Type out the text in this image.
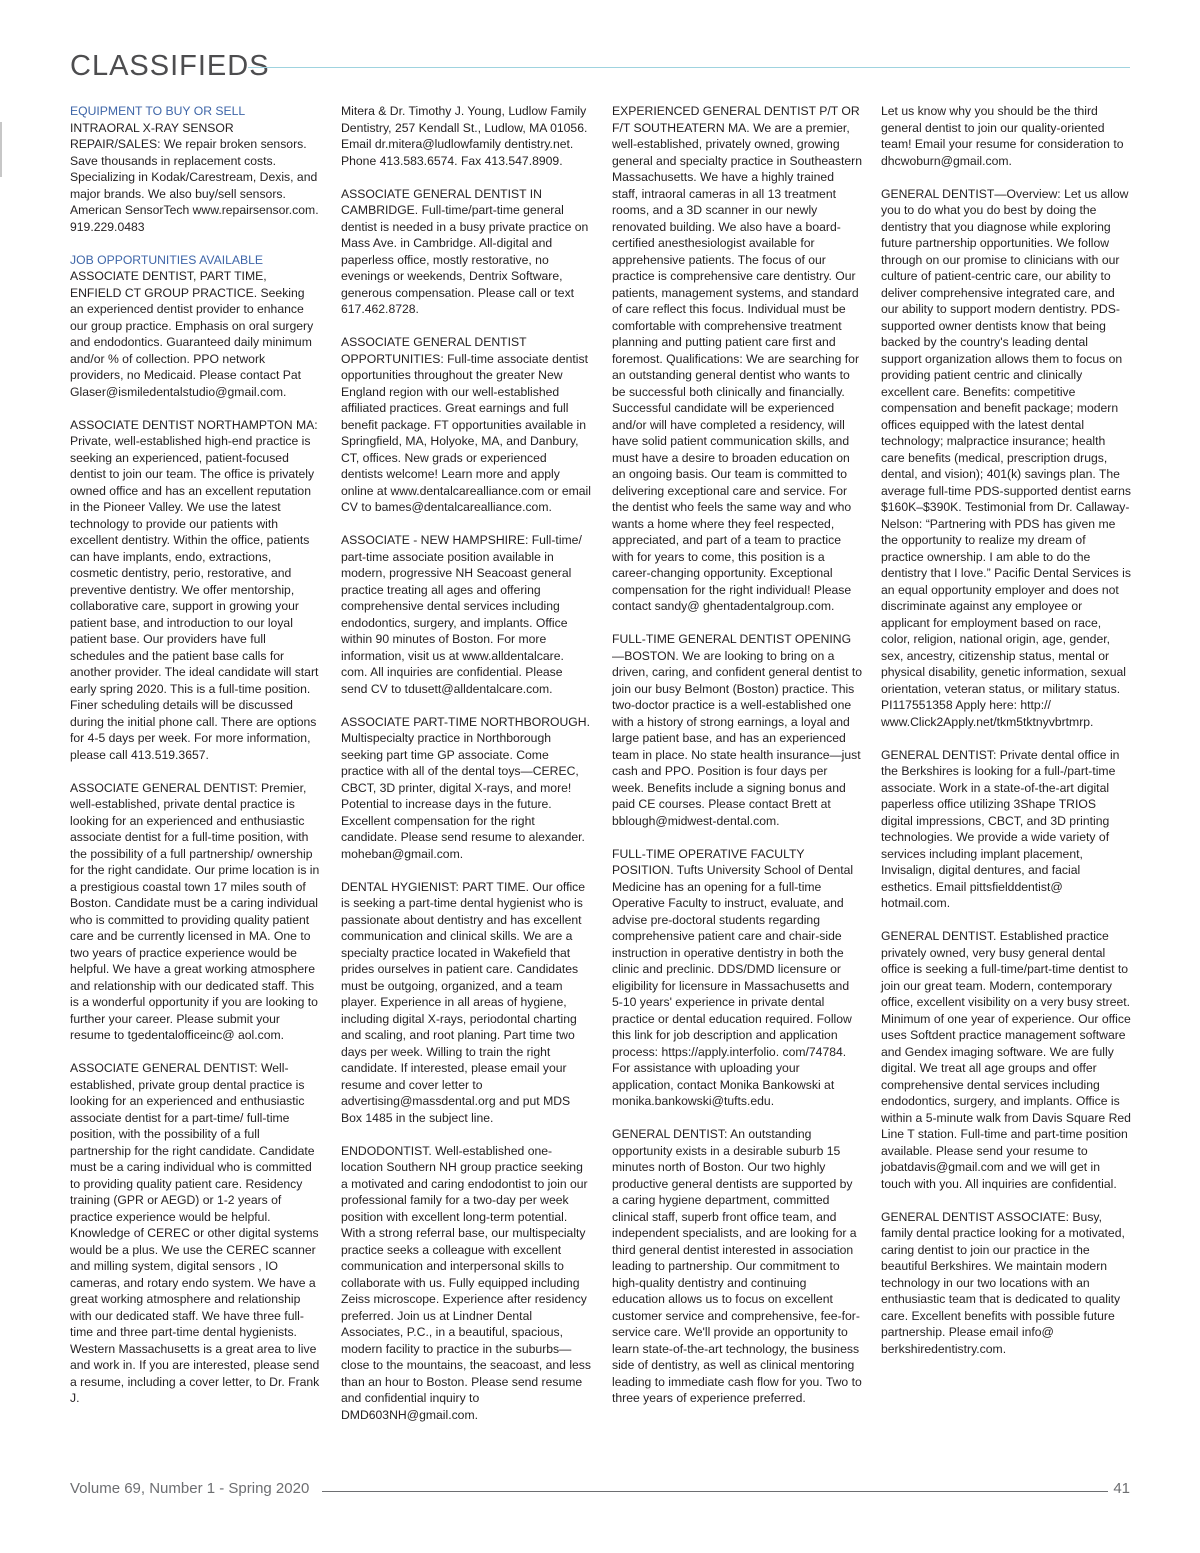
CLASSIFIEDS
EQUIPMENT TO BUY OR SELL
INTRAORAL X-RAY SENSOR REPAIR/SALES: We repair broken sensors. Save thousands in replacement costs. Specializing in Kodak/Carestream, Dexis, and major brands. We also buy/sell sensors. American SensorTech www.repairsensor.com. 919.229.0483
JOB OPPORTUNITIES AVAILABLE
ASSOCIATE DENTIST, PART TIME, ENFIELD CT GROUP PRACTICE. Seeking an experienced dentist provider to enhance our group practice. Emphasis on oral surgery and endodontics. Guaranteed daily minimum and/or % of collection. PPO network providers, no Medicaid. Please contact Pat Glaser@ismiledentalstudio@gmail.com.
ASSOCIATE DENTIST NORTHAMPTON MA: Private, well-established high-end practice is seeking an experienced, patient-focused dentist to join our team. The office is privately owned office and has an excellent reputation in the Pioneer Valley. We use the latest technology to provide our patients with excellent dentistry. Within the office, patients can have implants, endo, extractions, cosmetic dentistry, perio, restorative, and preventive dentistry. We offer mentorship, collaborative care, support in growing your patient base, and introduction to our loyal patient base. Our providers have full schedules and the patient base calls for another provider. The ideal candidate will start early spring 2020. This is a full-time position. Finer scheduling details will be discussed during the initial phone call. There are options for 4-5 days per week. For more information, please call 413.519.3657.
ASSOCIATE GENERAL DENTIST: Premier, well-established, private dental practice is looking for an experienced and enthusiastic associate dentist for a full-time position, with the possibility of a full partnership/ ownership for the right candidate. Our prime location is in a prestigious coastal town 17 miles south of Boston. Candidate must be a caring individual who is committed to providing quality patient care and be currently licensed in MA. One to two years of practice experience would be helpful. We have a great working atmosphere and relationship with our dedicated staff. This is a wonderful opportunity if you are looking to further your career. Please submit your resume to tgedentalofficeinc@ aol.com.
ASSOCIATE GENERAL DENTIST: Well-established, private group dental practice is looking for an experienced and enthusiastic associate dentist for a part-time/ full-time position, with the possibility of a full partnership for the right candidate. Candidate must be a caring individual who is committed to providing quality patient care. Residency training (GPR or AEGD) or 1-2 years of practice experience would be helpful. Knowledge of CEREC or other digital systems would be a plus. We use the CEREC scanner and milling system, digital sensors , IO cameras, and rotary endo system. We have a great working atmosphere and relationship with our dedicated staff. We have three full-time and three part-time dental hygienists. Western Massachusetts is a great area to live and work in. If you are interested, please send a resume, including a cover letter, to Dr. Frank J.
Mitera & Dr. Timothy J. Young, Ludlow Family Dentistry, 257 Kendall St., Ludlow, MA 01056. Email dr.mitera@ludlowfamily dentistry.net. Phone 413.583.6574. Fax 413.547.8909.
ASSOCIATE GENERAL DENTIST IN CAMBRIDGE. Full-time/part-time general dentist is needed in a busy private practice on Mass Ave. in Cambridge. All-digital and paperless office, mostly restorative, no evenings or weekends, Dentrix Software, generous compensation. Please call or text 617.462.8728.
ASSOCIATE GENERAL DENTIST OPPORTUNITIES: Full-time associate dentist opportunities throughout the greater New England region with our well-established affiliated practices. Great earnings and full benefit package. FT opportunities available in Springfield, MA, Holyoke, MA, and Danbury, CT, offices. New grads or experienced dentists welcome! Learn more and apply online at www.dentalcarealliance.com or email CV to bames@dentalcarealliance.com.
ASSOCIATE - NEW HAMPSHIRE: Full-time/ part-time associate position available in modern, progressive NH Seacoast general practice treating all ages and offering comprehensive dental services including endodontics, surgery, and implants. Office within 90 minutes of Boston. For more information, visit us at www.alldentalcare. com. All inquiries are confidential. Please send CV to tdusett@alldentalcare.com.
ASSOCIATE PART-TIME NORTHBOROUGH. Multispecialty practice in Northborough seeking part time GP associate. Come practice with all of the dental toys—CEREC, CBCT, 3D printer, digital X-rays, and more! Potential to increase days in the future. Excellent compensation for the right candidate. Please send resume to alexander. moheban@gmail.com.
DENTAL HYGIENIST: PART TIME. Our office is seeking a part-time dental hygienist who is passionate about dentistry and has excellent communication and clinical skills. We are a specialty practice located in Wakefield that prides ourselves in patient care. Candidates must be outgoing, organized, and a team player. Experience in all areas of hygiene, including digital X-rays, periodontal charting and scaling, and root planing. Part time two days per week. Willing to train the right candidate. If interested, please email your resume and cover letter to advertising@massdental.org and put MDS Box 1485 in the subject line.
ENDODONTIST. Well-established one-location Southern NH group practice seeking a motivated and caring endodontist to join our professional family for a two-day per week position with excellent long-term potential. With a strong referral base, our multispecialty practice seeks a colleague with excellent communication and interpersonal skills to collaborate with us. Fully equipped including Zeiss microscope. Experience after residency preferred. Join us at Lindner Dental Associates, P.C., in a beautiful, spacious, modern facility to practice in the suburbs—close to the mountains, the seacoast, and less than an hour to Boston. Please send resume and confidential inquiry to DMD603NH@gmail.com.
EXPERIENCED GENERAL DENTIST P/T OR F/T SOUTHEATERN MA. We are a premier, well-established, privately owned, growing general and specialty practice in Southeastern Massachusetts. We have a highly trained staff, intraoral cameras in all 13 treatment rooms, and a 3D scanner in our newly renovated building. We also have a board-certified anesthesiologist available for apprehensive patients. The focus of our practice is comprehensive care dentistry. Our patients, management systems, and standard of care reflect this focus. Individual must be comfortable with comprehensive treatment planning and putting patient care first and foremost. Qualifications: We are searching for an outstanding general dentist who wants to be successful both clinically and financially. Successful candidate will be experienced and/or will have completed a residency, will have solid patient communication skills, and must have a desire to broaden education on an ongoing basis. Our team is committed to delivering exceptional care and service. For the dentist who feels the same way and who wants a home where they feel respected, appreciated, and part of a team to practice with for years to come, this position is a career-changing opportunity. Exceptional compensation for the right individual! Please contact sandy@ ghentadentalgroup.com.
FULL-TIME GENERAL DENTIST OPENING —BOSTON. We are looking to bring on a driven, caring, and confident general dentist to join our busy Belmont (Boston) practice. This two-doctor practice is a well-established one with a history of strong earnings, a loyal and large patient base, and has an experienced team in place. No state health insurance—just cash and PPO. Position is four days per week. Benefits include a signing bonus and paid CE courses. Please contact Brett at bblough@midwest-dental.com.
FULL-TIME OPERATIVE FACULTY POSITION. Tufts University School of Dental Medicine has an opening for a full-time Operative Faculty to instruct, evaluate, and advise pre-doctoral students regarding comprehensive patient care and chair-side instruction in operative dentistry in both the clinic and preclinic. DDS/DMD licensure or eligibility for licensure in Massachusetts and 5-10 years' experience in private dental practice or dental education required. Follow this link for job description and application process: https://apply.interfolio. com/74784. For assistance with uploading your application, contact Monika Bankowski at monika.bankowski@tufts.edu.
GENERAL DENTIST: An outstanding opportunity exists in a desirable suburb 15 minutes north of Boston. Our two highly productive general dentists are supported by a caring hygiene department, committed clinical staff, superb front office team, and independent specialists, and are looking for a third general dentist interested in association leading to partnership. Our commitment to high-quality dentistry and continuing education allows us to focus on excellent customer service and comprehensive, fee-for-service care. We'll provide an opportunity to learn state-of-the-art technology, the business side of dentistry, as well as clinical mentoring leading to immediate cash flow for you. Two to three years of experience preferred.
Let us know why you should be the third general dentist to join our quality-oriented team! Email your resume for consideration to dhcwoburn@gmail.com.
GENERAL DENTIST—Overview: Let us allow you to do what you do best by doing the dentistry that you diagnose while exploring future partnership opportunities. We follow through on our promise to clinicians with our culture of patient-centric care, our ability to deliver comprehensive integrated care, and our ability to support modern dentistry. PDS-supported owner dentists know that being backed by the country's leading dental support organization allows them to focus on providing patient centric and clinically excellent care. Benefits: competitive compensation and benefit package; modern offices equipped with the latest dental technology; malpractice insurance; health care benefits (medical, prescription drugs, dental, and vision); 401(k) savings plan. The average full-time PDS-supported dentist earns $160K–$390K. Testimonial from Dr. Callaway-Nelson: “Partnering with PDS has given me the opportunity to realize my dream of practice ownership. I am able to do the dentistry that I love.” Pacific Dental Services is an equal opportunity employer and does not discriminate against any employee or applicant for employment based on race, color, religion, national origin, age, gender, sex, ancestry, citizenship status, mental or physical disability, genetic information, sexual orientation, veteran status, or military status. PI117551358 Apply here: http:// www.Click2Apply.net/tkm5tktnyvbrtmrp.
GENERAL DENTIST: Private dental office in the Berkshires is looking for a full-/part-time associate. Work in a state-of-the-art digital paperless office utilizing 3Shape TRIOS digital impressions, CBCT, and 3D printing technologies. We provide a wide variety of services including implant placement, Invisalign, digital dentures, and facial esthetics. Email pittsfielddentist@ hotmail.com.
GENERAL DENTIST. Established practice privately owned, very busy general dental office is seeking a full-time/part-time dentist to join our great team. Modern, contemporary office, excellent visibility on a very busy street. Minimum of one year of experience. Our office uses Softdent practice management software and Gendex imaging software. We are fully digital. We treat all age groups and offer comprehensive dental services including endodontics, surgery, and implants. Office is within a 5-minute walk from Davis Square Red Line T station. Full-time and part-time position available. Please send your resume to jobatdavis@gmail.com and we will get in touch with you. All inquiries are confidential.
GENERAL DENTIST ASSOCIATE: Busy, family dental practice looking for a motivated, caring dentist to join our practice in the beautiful Berkshires. We maintain modern technology in our two locations with an enthusiastic team that is dedicated to quality care. Excellent benefits with possible future partnership. Please email info@ berkshiredentistry.com.
Volume 69, Number 1 - Spring 2020	41
